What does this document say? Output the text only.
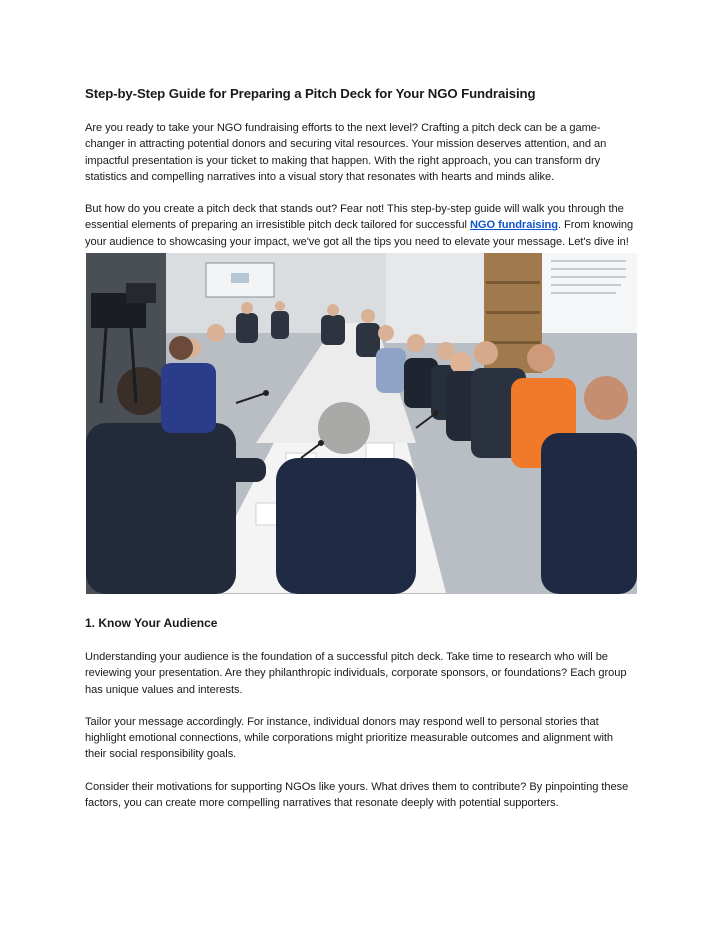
Step-by-Step Guide for Preparing a Pitch Deck for Your NGO Fundraising

Are you ready to take your NGO fundraising efforts to the next level? Crafting a pitch deck can be a game-changer in attracting potential donors and securing vital resources. Your mission deserves attention, and an impactful presentation is your ticket to making that happen. With the right approach, you can transform dry statistics and compelling narratives into a visual story that resonates with hearts and minds alike.

But how do you create a pitch deck that stands out? Fear not! This step-by-step guide will walk you through the essential elements of preparing an irresistible pitch deck tailored for successful NGO fundraising. From knowing your audience to showcasing your impact, we've got all the tips you need to elevate your message. Let's dive in!

1. Know Your Audience

Understanding your audience is the foundation of a successful pitch deck. Take time to research who will be reviewing your presentation. Are they philanthropic individuals, corporate sponsors, or foundations? Each group has unique values and interests.

Tailor your message accordingly. For instance, individual donors may respond well to personal stories that highlight emotional connections, while corporations might prioritize measurable outcomes and alignment with their social responsibility goals.

Consider their motivations for supporting NGOs like yours. What drives them to contribute? By pinpointing these factors, you can create more compelling narratives that resonate deeply with potential supporters.
